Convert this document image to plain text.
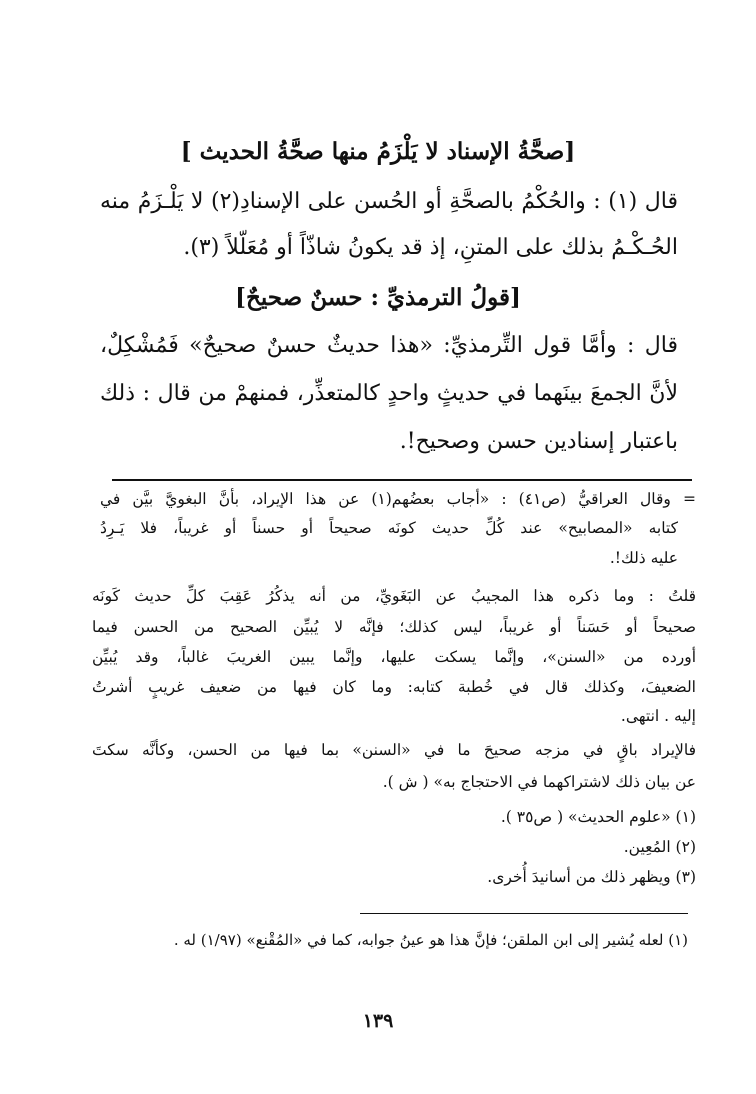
[صحَّةُ الإسناد لا يَلْزَمُ منها صحَّةُ الحديث ]
قال (١) : والحُكْمُ بالصحَّةِ أو الحُسن على الإسنادِ(٢) لا يَلْـزَمُ منه
الحُـكْـمُ بذلك على المتنِ، إذ قد يكونُ شاذّاً أو مُعَلّلاً (٣).
[قولُ الترمذيِّ : حسنٌ صحيحٌ]
قال : وأمَّا قول التِّرمذيِّ: «هذا حديثٌ حسنٌ صحيحٌ» فَمُشْكِلٌ،
لأنَّ الجمعَ بينَهما في حديثٍ واحدٍ كالمتعذِّر، فمنهمْ من قال : ذلك
باعتبار إسنادين حسن وصحيح!.
= وقال العراقيُّ (ص٤١) : «أجاب بعضُهم(١) عن هذا الإيراد، بأنَّ البغويَّ بيَّن في
كتابه «المصابيح» عند كُلِّ حديث كونَه صحيحاً أو حسناً أو غريباً، فلا يَـرِدُ
عليه ذلك!.
قلتُ : وما ذكره هذا المجيبُ عن البَغَويِّ، من أنه يذكُرُ عَقِبَ كلِّ حديث كَونَه
صحيحاً أو حَسَناً أو غريباً، ليس كذلك؛ فإنَّه لا يُبيِّن الصحيح من الحسن فيما
أورده من «السنن»، وإنَّما يسكت عليها، وإنَّما يبين الغريبَ غالباً، وقد يُبيِّن
الضعيفَ، وكذلك قال في خُطبة كتابه: وما كان فيها من ضعيف غريبٍ أشرتُ
إليه . انتهى.
فالإيراد باقٍ في مزجه صحيحَ ما في «السنن» بما فيها من الحسن، وكأنَّه سكتَ
عن بيان ذلك لاشتراكهما في الاحتجاج به» ( ش ).
(١) «علوم الحديث» ( ص٣٥ ).
(٢) المُعِين.
(٣) ويظهر ذلك من أسانيدَ أُخرى.
(١) لعله يُشير إلى ابن الملقن؛ فإنَّ هذا هو عينُ جوابه، كما في «المُقْنع» (١/٩٧) له .
١٣٩
